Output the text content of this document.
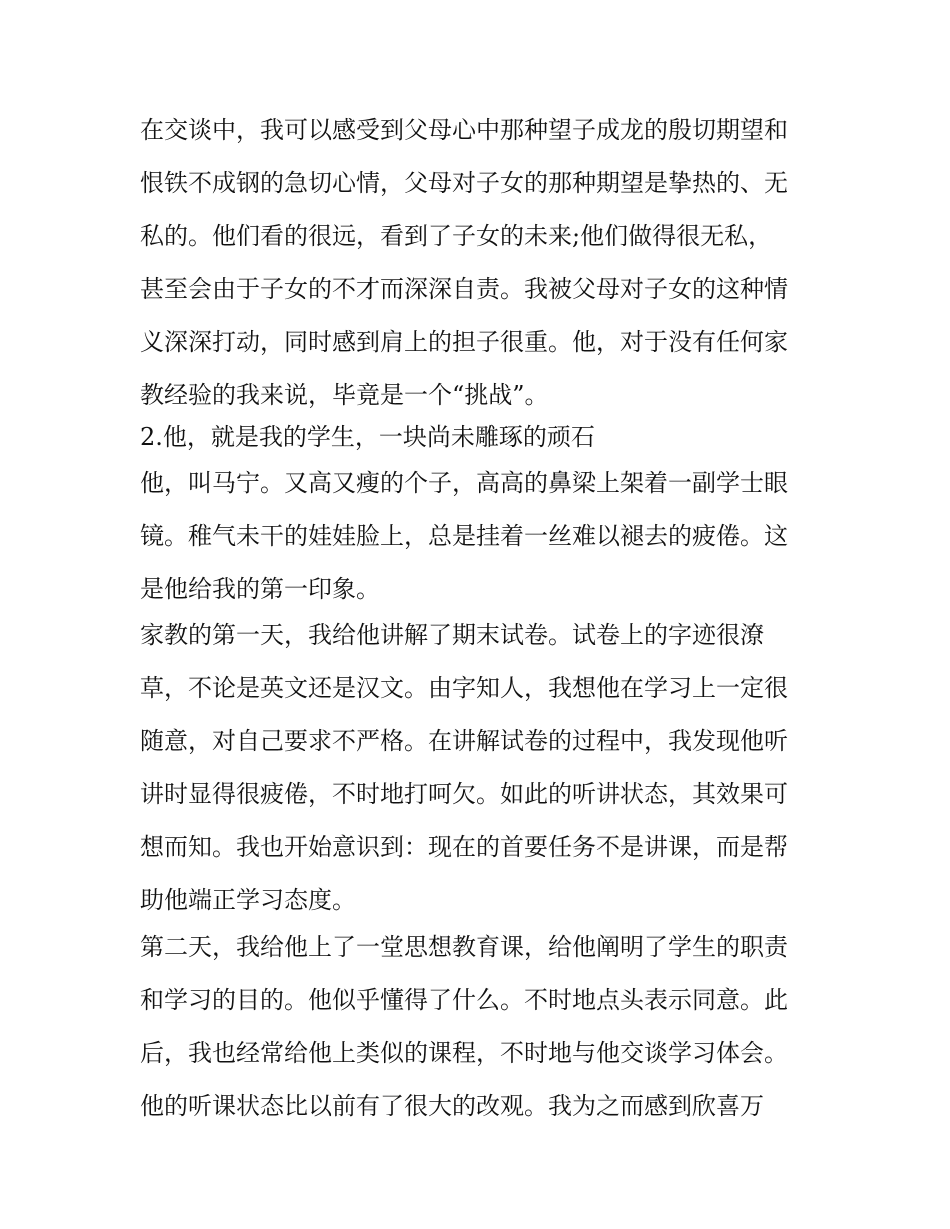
在交谈中，我可以感受到父母心中那种望子成龙的殷切期望和
恨铁不成钢的急切心情，父母对子女的那种期望是挚热的、无
私的。他们看的很远，看到了子女的未来;他们做得很无私，
甚至会由于子女的不才而深深自责。我被父母对子女的这种情
义深深打动，同时感到肩上的担子很重。他，对于没有任何家
教经验的我来说，毕竟是一个“挑战”。
2.他，就是我的学生，一块尚未雕琢的顽石
他，叫马宁。又高又瘦的个子，高高的鼻梁上架着一副学士眼
镜。稚气未干的娃娃脸上，总是挂着一丝难以褪去的疲倦。这
是他给我的第一印象。
家教的第一天，我给他讲解了期末试卷。试卷上的字迹很潦
草，不论是英文还是汉文。由字知人，我想他在学习上一定很
随意，对自己要求不严格。在讲解试卷的过程中，我发现他听
讲时显得很疲倦，不时地打呵欠。如此的听讲状态，其效果可
想而知。我也开始意识到：现在的首要任务不是讲课，而是帮
助他端正学习态度。
第二天，我给他上了一堂思想教育课，给他阐明了学生的职责
和学习的目的。他似乎懂得了什么。不时地点头表示同意。此
后，我也经常给他上类似的课程，不时地与他交谈学习体会。
他的听课状态比以前有了很大的改观。我为之而感到欣喜万
